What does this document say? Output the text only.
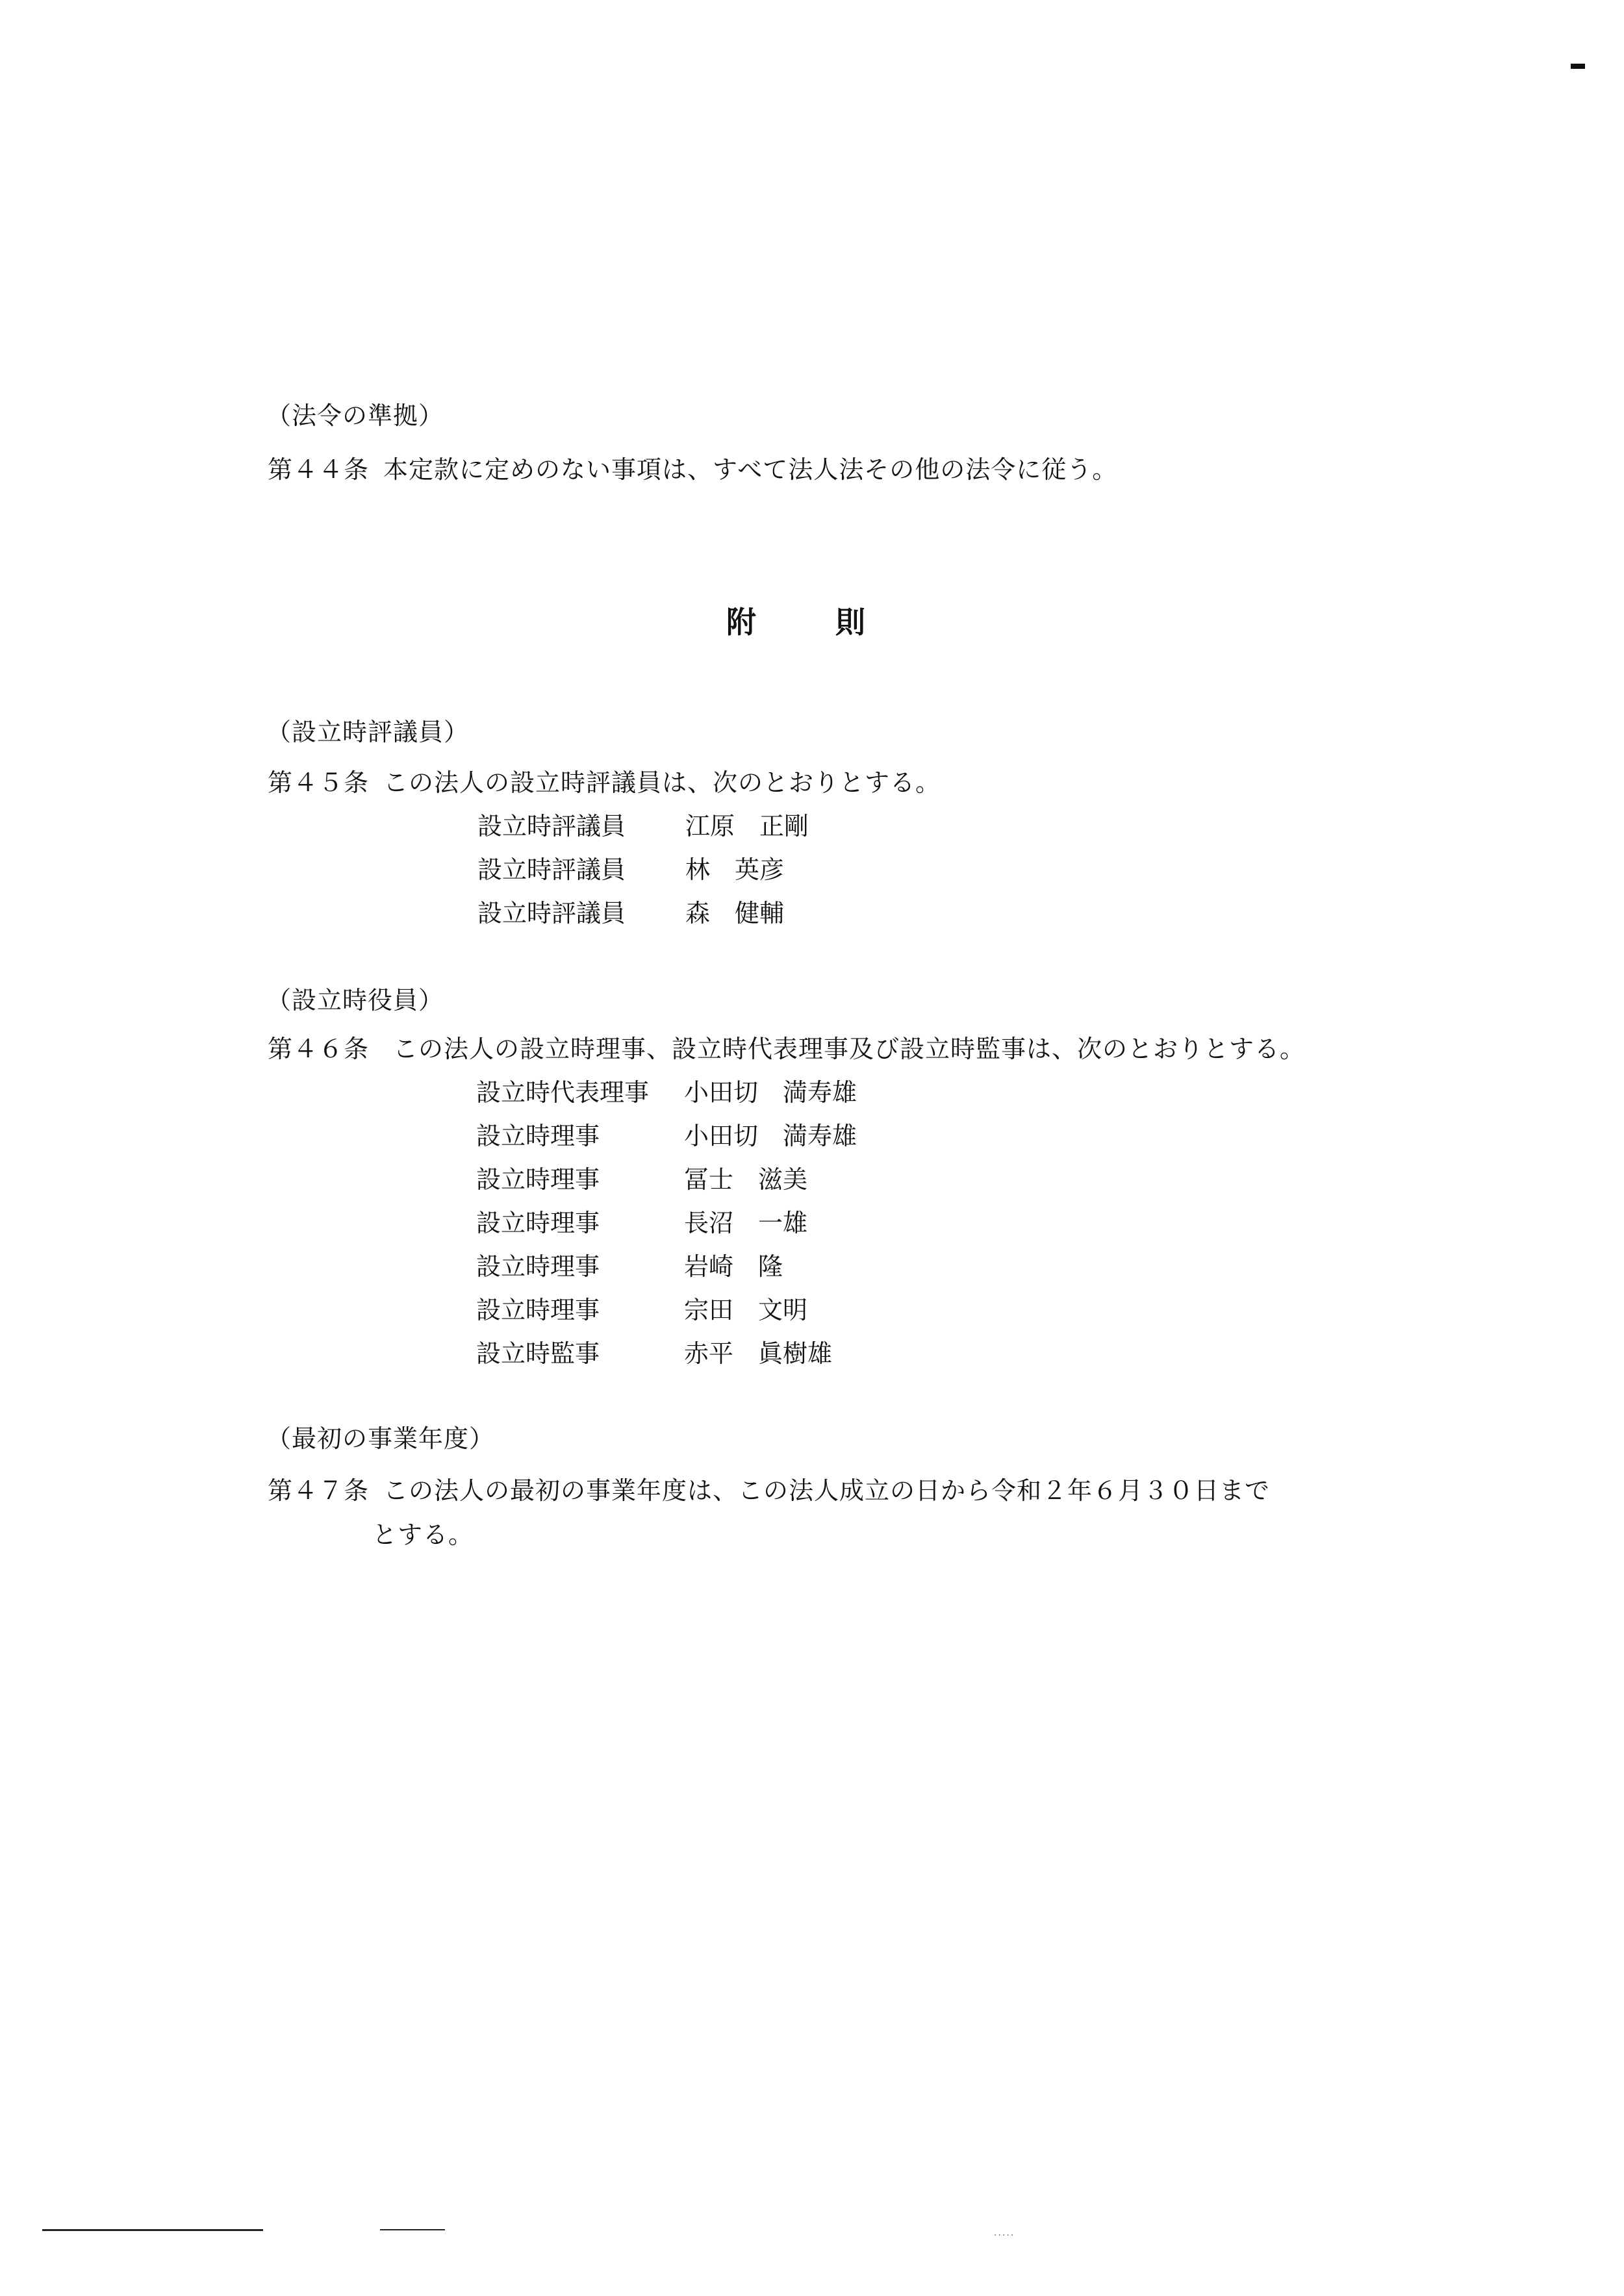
（法令の準拠）
第４４条 本定款に定めのない事項は、すべて法人法その他の法令に従う。
附	則
（設立時評議員）
第４５条 この法人の設立時評議員は、次のとおりとする。
設立時評議員 江原　正剛
設立時評議員 林　英彦
設立時評議員 森　健輔
（設立時役員）
第４６条 この法人の設立時理事、設立時代表理事及び設立時監事は、次のとおりとする。
設立時代表理事 小田切　満寿雄
設立時理事	小田切　満寿雄
設立時理事	冨士　滋美
設立時理事	長沼　一雄
設立時理事	岩崎　隆
設立時理事	宗田　文明
設立時監事	赤平　眞樹雄
（最初の事業年度）
第４７条 この法人の最初の事業年度は、この法人成立の日から令和２年６月３０日まで
とする。
.....
